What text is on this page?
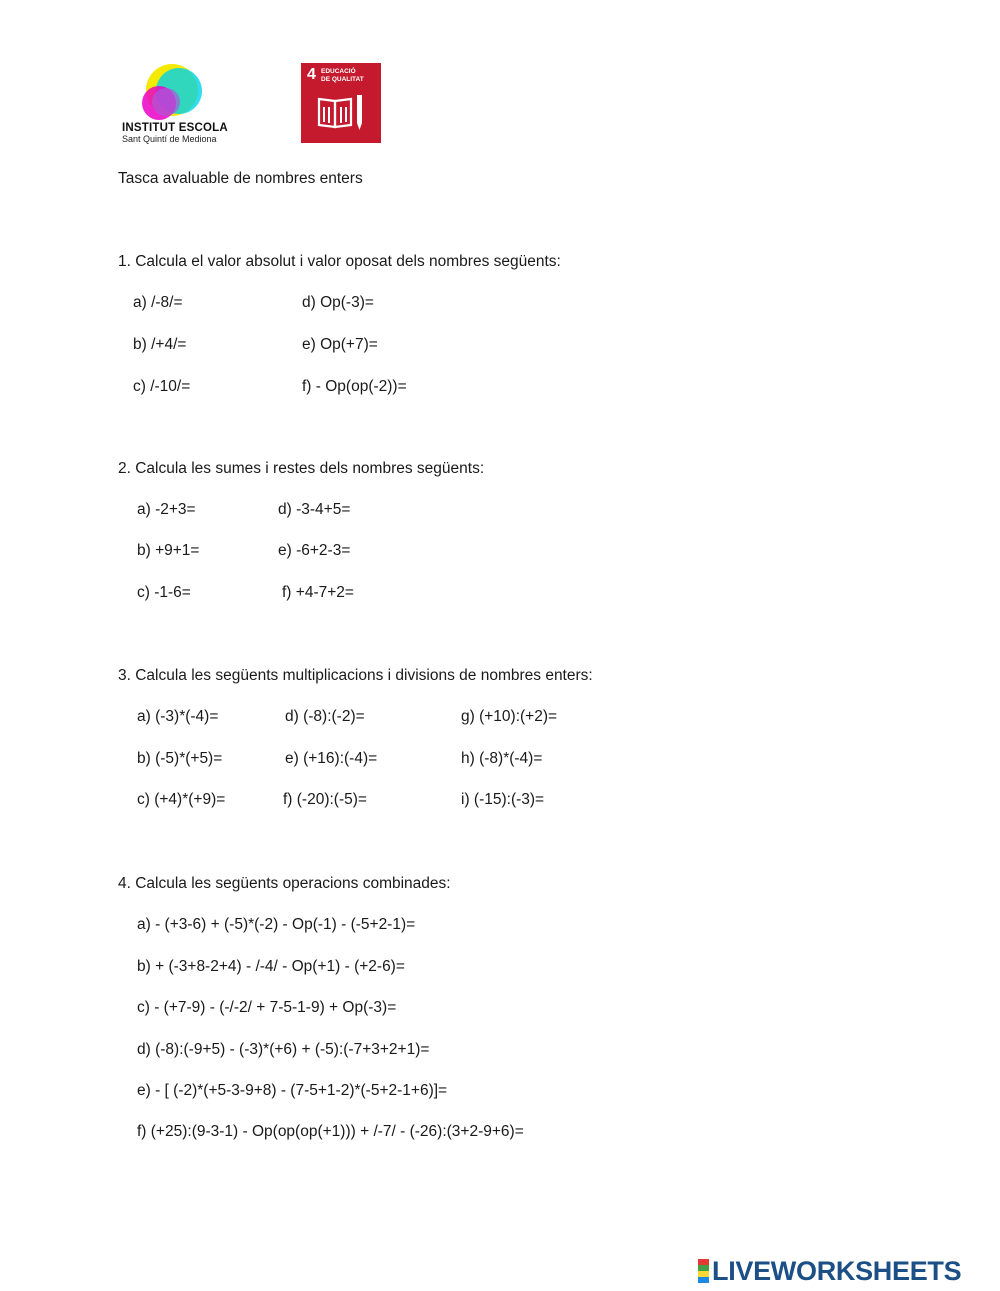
INSTITUT ESCOLA
Sant Quintí de Mediona
4 EDUCACIÓ
DE QUALITAT
Tasca avaluable de nombres enters
1. Calcula el valor absolut i valor oposat dels nombres següents:
a) /-8/=	d) Op(-3)=
b) /+4/=	e) Op(+7)=
c) /-10/=	f) - Op(op(-2))=
2. Calcula les sumes i restes dels nombres següents:
a) -2+3=	d) -3-4+5=
b) +9+1=	e) -6+2-3=
c) -1-6=	f) +4-7+2=
3. Calcula les següents multiplicacions i divisions de nombres enters:
a) (-3)*(-4)=	d) (-8):(-2)=	g) (+10):(+2)=
b) (-5)*(+5)=	e) (+16):(-4)=	h) (-8)*(-4)=
c) (+4)*(+9)=	f) (-20):(-5)=	i) (-15):(-3)=
4. Calcula les següents operacions combinades:
a) - (+3-6) + (-5)*(-2) - Op(-1) - (-5+2-1)=
b) + (-3+8-2+4) - /-4/ - Op(+1) - (+2-6)=
c) - (+7-9) - (-/-2/ + 7-5-1-9) + Op(-3)=
d) (-8):(-9+5) - (-3)*(+6) + (-5):(-7+3+2+1)=
e) - [ (-2)*(+5-3-9+8) - (7-5+1-2)*(-5+2-1+6)]=
f) (+25):(9-3-1) - Op(op(op(+1))) + /-7/ - (-26):(3+2-9+6)=
LIVEWORKSHEETS
